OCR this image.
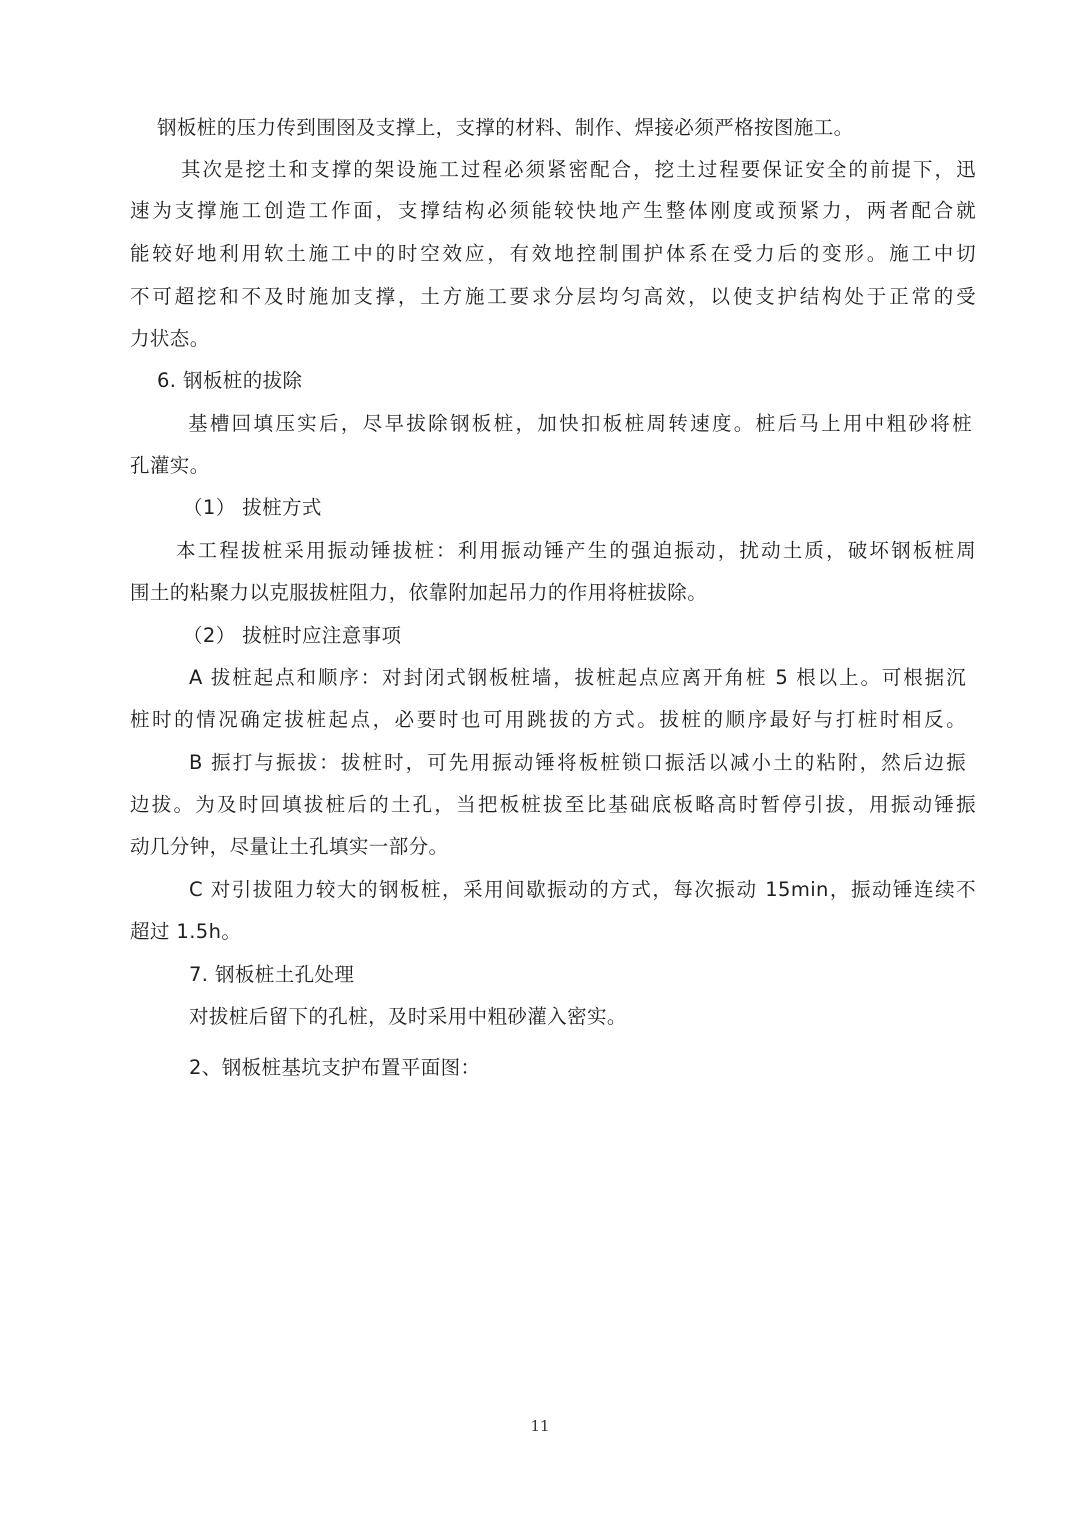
钢板桩的压力传到围囹及支撑上，支撑的材料、制作、焊接必须严格按图施工。
其次是挖土和支撑的架设施工过程必须紧密配合，挖土过程要保证安全的前提下，迅
速为支撑施工创造工作面，支撑结构必须能较快地产生整体刚度或预紧力，两者配合就
能较好地利用软土施工中的时空效应，有效地控制围护体系在受力后的变形。施工中切
不可超挖和不及时施加支撑，土方施工要求分层均匀高效，以使支护结构处于正常的受
力状态。
6. 钢板桩的拔除
基槽回填压实后，尽早拔除钢板桩，加快扣板桩周转速度。桩后马上用中粗砂将桩
孔灌实。
（1） 拔桩方式
本工程拔桩采用振动锤拔桩：利用振动锤产生的强迫振动，扰动土质，破坏钢板桩周
围土的粘聚力以克服拔桩阻力，依靠附加起吊力的作用将桩拔除。
（2） 拔桩时应注意事项
A 拔桩起点和顺序：对封闭式钢板桩墙，拔桩起点应离开角桩 5 根以上。可根据沉
桩时的情况确定拔桩起点，必要时也可用跳拔的方式。拔桩的顺序最好与打桩时相反。
B 振打与振拔：拔桩时，可先用振动锤将板桩锁口振活以减小土的粘附，然后边振
边拔。为及时回填拔桩后的土孔，当把板桩拔至比基础底板略高时暂停引拔，用振动锤振
动几分钟，尽量让土孔填实一部分。
C 对引拔阻力较大的钢板桩，采用间歇振动的方式，每次振动 15min，振动锤连续不
超过 1.5h。
7. 钢板桩土孔处理
对拔桩后留下的孔桩，及时采用中粗砂灌入密实。
2、钢板桩基坑支护布置平面图：
11
